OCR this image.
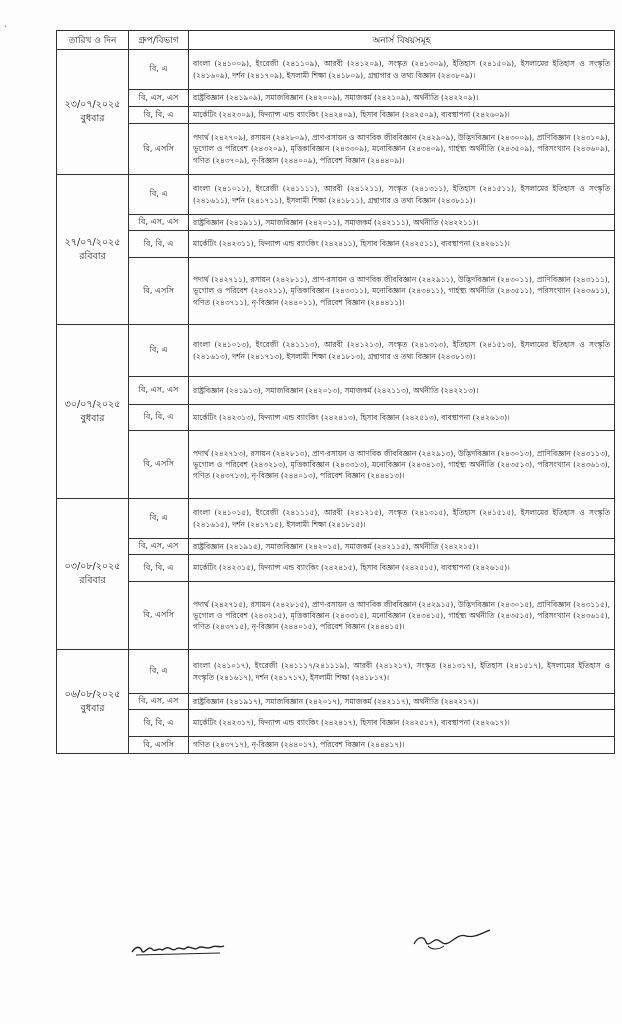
·
তারিখ ও দিন	গ্রুপ/বিভাগ	অনার্স বিষয়সমূহ

২৩/০৭/২০২৫
বুধবার	বি, এ	বাংলা (২৪১০০৯), ইংরেজী (২৪১১০৯), আরবী (২৪১২০৯), সংস্কৃত (২৪১৩০৯), ইতিহাস (২৪১৫০৯), ইসলামের ইতিহাস ও সংস্কৃতি (২৪১৬০৯), দর্শন (২৪১৭০৯), ইসলামী শিক্ষা (২৪১৮০৯), গ্রন্থাগার ও তথ্য বিজ্ঞান (২৪৩৮০৯)।
	বি, এস, এস	রাষ্ট্রবিজ্ঞান (২৪১৯০৯), সমাজবিজ্ঞান (২৪২০০৯), সমাজকর্ম (২৪২১০৯), অর্থনীতি (২৪২২০৯)।
	বি, বি, এ	মার্কেটিং (২৪২৩০৯), ফিন্যান্স এন্ড ব্যাংকিং (২৪২৪০৯), হিসাব বিজ্ঞান (২৪২৫০৯), ব্যবস্থাপনা (২৪২৬০৯)।
	বি, এসসি	পদার্থ (২৪২৭০৯), রসায়ন (২৪২৮০৯), প্রাণ-রসায়ন ও আণবিক জীববিজ্ঞান (২৪২৯০৯), উদ্ভিদবিজ্ঞান (২৪৩০০৯), প্রাণিবিজ্ঞান (২৪৩১০৯), ভূগোল ও পরিবেশ (২৪৩২০৯), মৃত্তিকাবিজ্ঞান (২৪৩৩০৯), মনোবিজ্ঞান (২৪৩৪০৯), গার্হস্থ্য অর্থনীতি (২৪৩৫০৯), পরিসংখ্যান (২৪৩৬০৯), গণিত (২৪৩৭০৯), নৃ-বিজ্ঞান (২৪৪০০৯), পরিবেশ বিজ্ঞান (২৪৪৪০৯)।

২৭/০৭/২০২৫
রবিবার	বি, এ	বাংলা (২৪১০১১), ইংরেজী (২৪১১১১), আরবী (২৪১২১১), সংস্কৃত (২৪১৩১১), ইতিহাস (২৪১৫১১), ইসলামের ইতিহাস ও সংস্কৃতি (২৪১৬১১), দর্শন (২৪১৭১১), ইসলামী শিক্ষা (২৪১৮১১), গ্রন্থাগার ও তথ্য বিজ্ঞান (২৪৩৮১১)।
	বি, এস, এস	রাষ্ট্রবিজ্ঞান (২৪১৯১১), সমাজবিজ্ঞান (২৪২০১১), সমাজকর্ম (২৪২১১১), অর্থনীতি (২৪২২১১)।
	বি, বি, এ	মার্কেটিং (২৪২৩১১), ফিন্যান্স এন্ড ব্যাংকিং (২৪২৪১১), হিসাব বিজ্ঞান (২৪২৫১১), ব্যবস্থাপনা (২৪২৬১১)।
	বি, এসসি	পদার্থ (২৪২৭১১), রসায়ন (২৪২৮১১), প্রাণ-রসায়ন ও আণবিক জীববিজ্ঞান (২৪২৯১১), উদ্ভিদবিজ্ঞান (২৪৩০১১), প্রাণিবিজ্ঞান (২৪৩১১১), ভূগোল ও পরিবেশ (২৪৩২১১), মৃত্তিকাবিজ্ঞান (২৪৩৩১১), মনোবিজ্ঞান (২৪৩৪১১), গার্হস্থ্য অর্থনীতি (২৪৩৫১১), পরিসংখ্যান (২৪৩৬১১), গণিত (২৪৩৭১১), নৃ-বিজ্ঞান (২৪৪০১১), পরিবেশ বিজ্ঞান (২৪৪৪১১)।

৩০/০৭/২০২৫
বুধবার	বি, এ	বাংলা (২৪১০১৩), ইংরেজী (২৪১১১৩), আরবী (২৪১২১৩), সংস্কৃত (২৪১৩১৩), ইতিহাস (২৪১৫১৩), ইসলামের ইতিহাস ও সংস্কৃতি (২৪১৬১৩), দর্শন (২৪১৭১৩), ইসলামী শিক্ষা (২৪১৮১৩), গ্রন্থাগার ও তথ্য বিজ্ঞান (২৪৩৮১৩)।
	বি, এস, এস	রাষ্ট্রবিজ্ঞান (২৪১৯১৩), সমাজবিজ্ঞান (২৪২০১৩), সমাজকর্ম (২৪২১১৩), অর্থনীতি (২৪২২১৩)।
	বি, বি, এ	মার্কেটিং (২৪২৩১৩), ফিন্যান্স এন্ড ব্যাংকিং (২৪২৪১৩), হিসাব বিজ্ঞান (২৪২৫১৩), ব্যবস্থাপনা (২৪২৬১৩)।
	বি, এসসি	পদার্থ (২৪২৭১৩), রসায়ন (২৪২৮১৩), প্রাণ-রসায়ন ও আণবিক জীববিজ্ঞান (২৪২৯১৩), উদ্ভিদবিজ্ঞান (২৪৩০১৩), প্রাণিবিজ্ঞান (২৪৩১১৩), ভূগোল ও পরিবেশ (২৪৩২১৩), মৃত্তিকাবিজ্ঞান (২৪৩৩১৩), মনোবিজ্ঞান (২৪৩৪১৩), গার্হস্থ্য অর্থনীতি (২৪৩৫১৩), পরিসংখ্যান (২৪৩৬১৩), গণিত (২৪৩৭১৩), নৃ-বিজ্ঞান (২৪৪০১৩), পরিবেশ বিজ্ঞান (২৪৪৪১৩)।

০৩/০৮/২০২৫
রবিবার	বি, এ	বাংলা (২৪১০১৫), ইংরেজী (২৪১১১৫), আরবী (২৪১২১৫), সংস্কৃত (২৪১৩১৫), ইতিহাস (২৪১৫১৫), ইসলামের ইতিহাস ও সংস্কৃতি (২৪১৬১৫), দর্শন (২৪১৭১৫), ইসলামী শিক্ষা (২৪১৮১৫)।
	বি, এস, এস	রাষ্ট্রবিজ্ঞান (২৪১৯১৫), সমাজবিজ্ঞান (২৪২০১৫), সমাজকর্ম (২৪২১১৫), অর্থনীতি (২৪২২১৫)।
	বি, বি, এ	মার্কেটিং (২৪২৩১৫), ফিন্যান্স এন্ড ব্যাংকিং (২৪২৪১৫), হিসাব বিজ্ঞান (২৪২৫১৫), ব্যবস্থাপনা (২৪২৬১৫)।
	বি, এসসি	পদার্থ (২৪২৭১৫), রসায়ন (২৪২৮১৫), প্রাণ-রসায়ন ও আণবিক জীববিজ্ঞান (২৪২৯১৫), উদ্ভিদবিজ্ঞান (২৪৩০১৫), প্রাণিবিজ্ঞান (২৪৩১১৫), ভূগোল ও পরিবেশ (২৪৩২১৫), মৃত্তিকাবিজ্ঞান (২৪৩৩১৫), মনোবিজ্ঞান (২৪৩৪১৫), গার্হস্থ্য অর্থনীতি (২৪৩৫১৫), পরিসংখ্যান (২৪৩৬১৫), গণিত (২৪৩৭১৫), নৃ-বিজ্ঞান (২৪৪০১৫), পরিবেশ বিজ্ঞান (২৪৪৪১৫)।

০৬/০৮/২০২৫
বুধবার	বি, এ	বাংলা (২৪১০১৭), ইংরেজী (২৪১১১৭/২৪১১১৯), আরবী (২৪১২১৭), সংস্কৃত (২৪১৩১৭), ইতিহাস (২৪১৫১৭), ইসলামের ইতিহাস ও সংস্কৃতি (২৪১৬১৭), দর্শন (২৪১৭১৭), ইসলামী শিক্ষা (২৪১৮১৭)।
	বি, এস, এস	রাষ্ট্রবিজ্ঞান (২৪১৯১৭), সমাজবিজ্ঞান (২৪২০১৭), সমাজকর্ম (২৪২১১৭), অর্থনীতি (২৪২২১৭)।
	বি, বি, এ	মার্কেটিং (২৪২৩১৭), ফিন্যান্স এন্ড ব্যাংকিং (২৪২৪১৭), হিসাব বিজ্ঞান (২৪২৫১৭), ব্যবস্থাপনা (২৪২৬১৭)।
	বি, এসসি	গণিত (২৪৩৭১৭), নৃ-বিজ্ঞান (২৪৪০১৭), পরিবেশ বিজ্ঞান (২৪৪৪১৭)।
